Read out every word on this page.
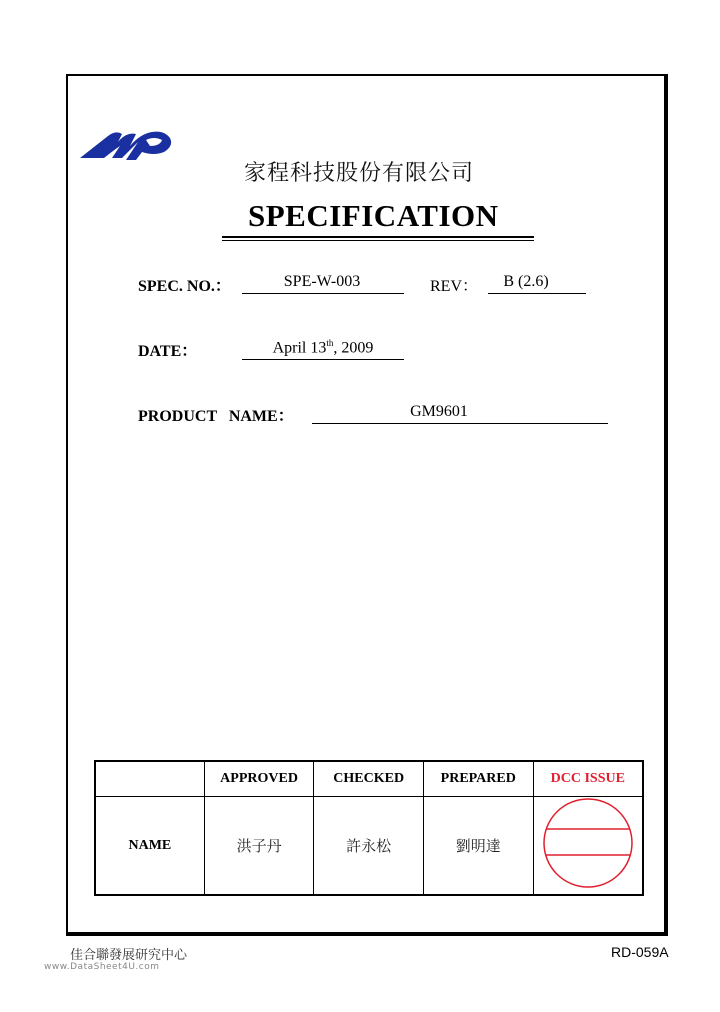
家程科技股份有限公司
SPECIFICATION
SPEC. NO.：	SPE-W-003	REV：	B (2.6)
DATE：	April 13th, 2009
PRODUCT   NAME：	GM9601
	APPROVED	CHECKED	PREPARED	DCC ISSUE
NAME	洪子丹	許永松	劉明達	
佳合聯發展研究中心
www.DataSheet4U.com
RD-059A
